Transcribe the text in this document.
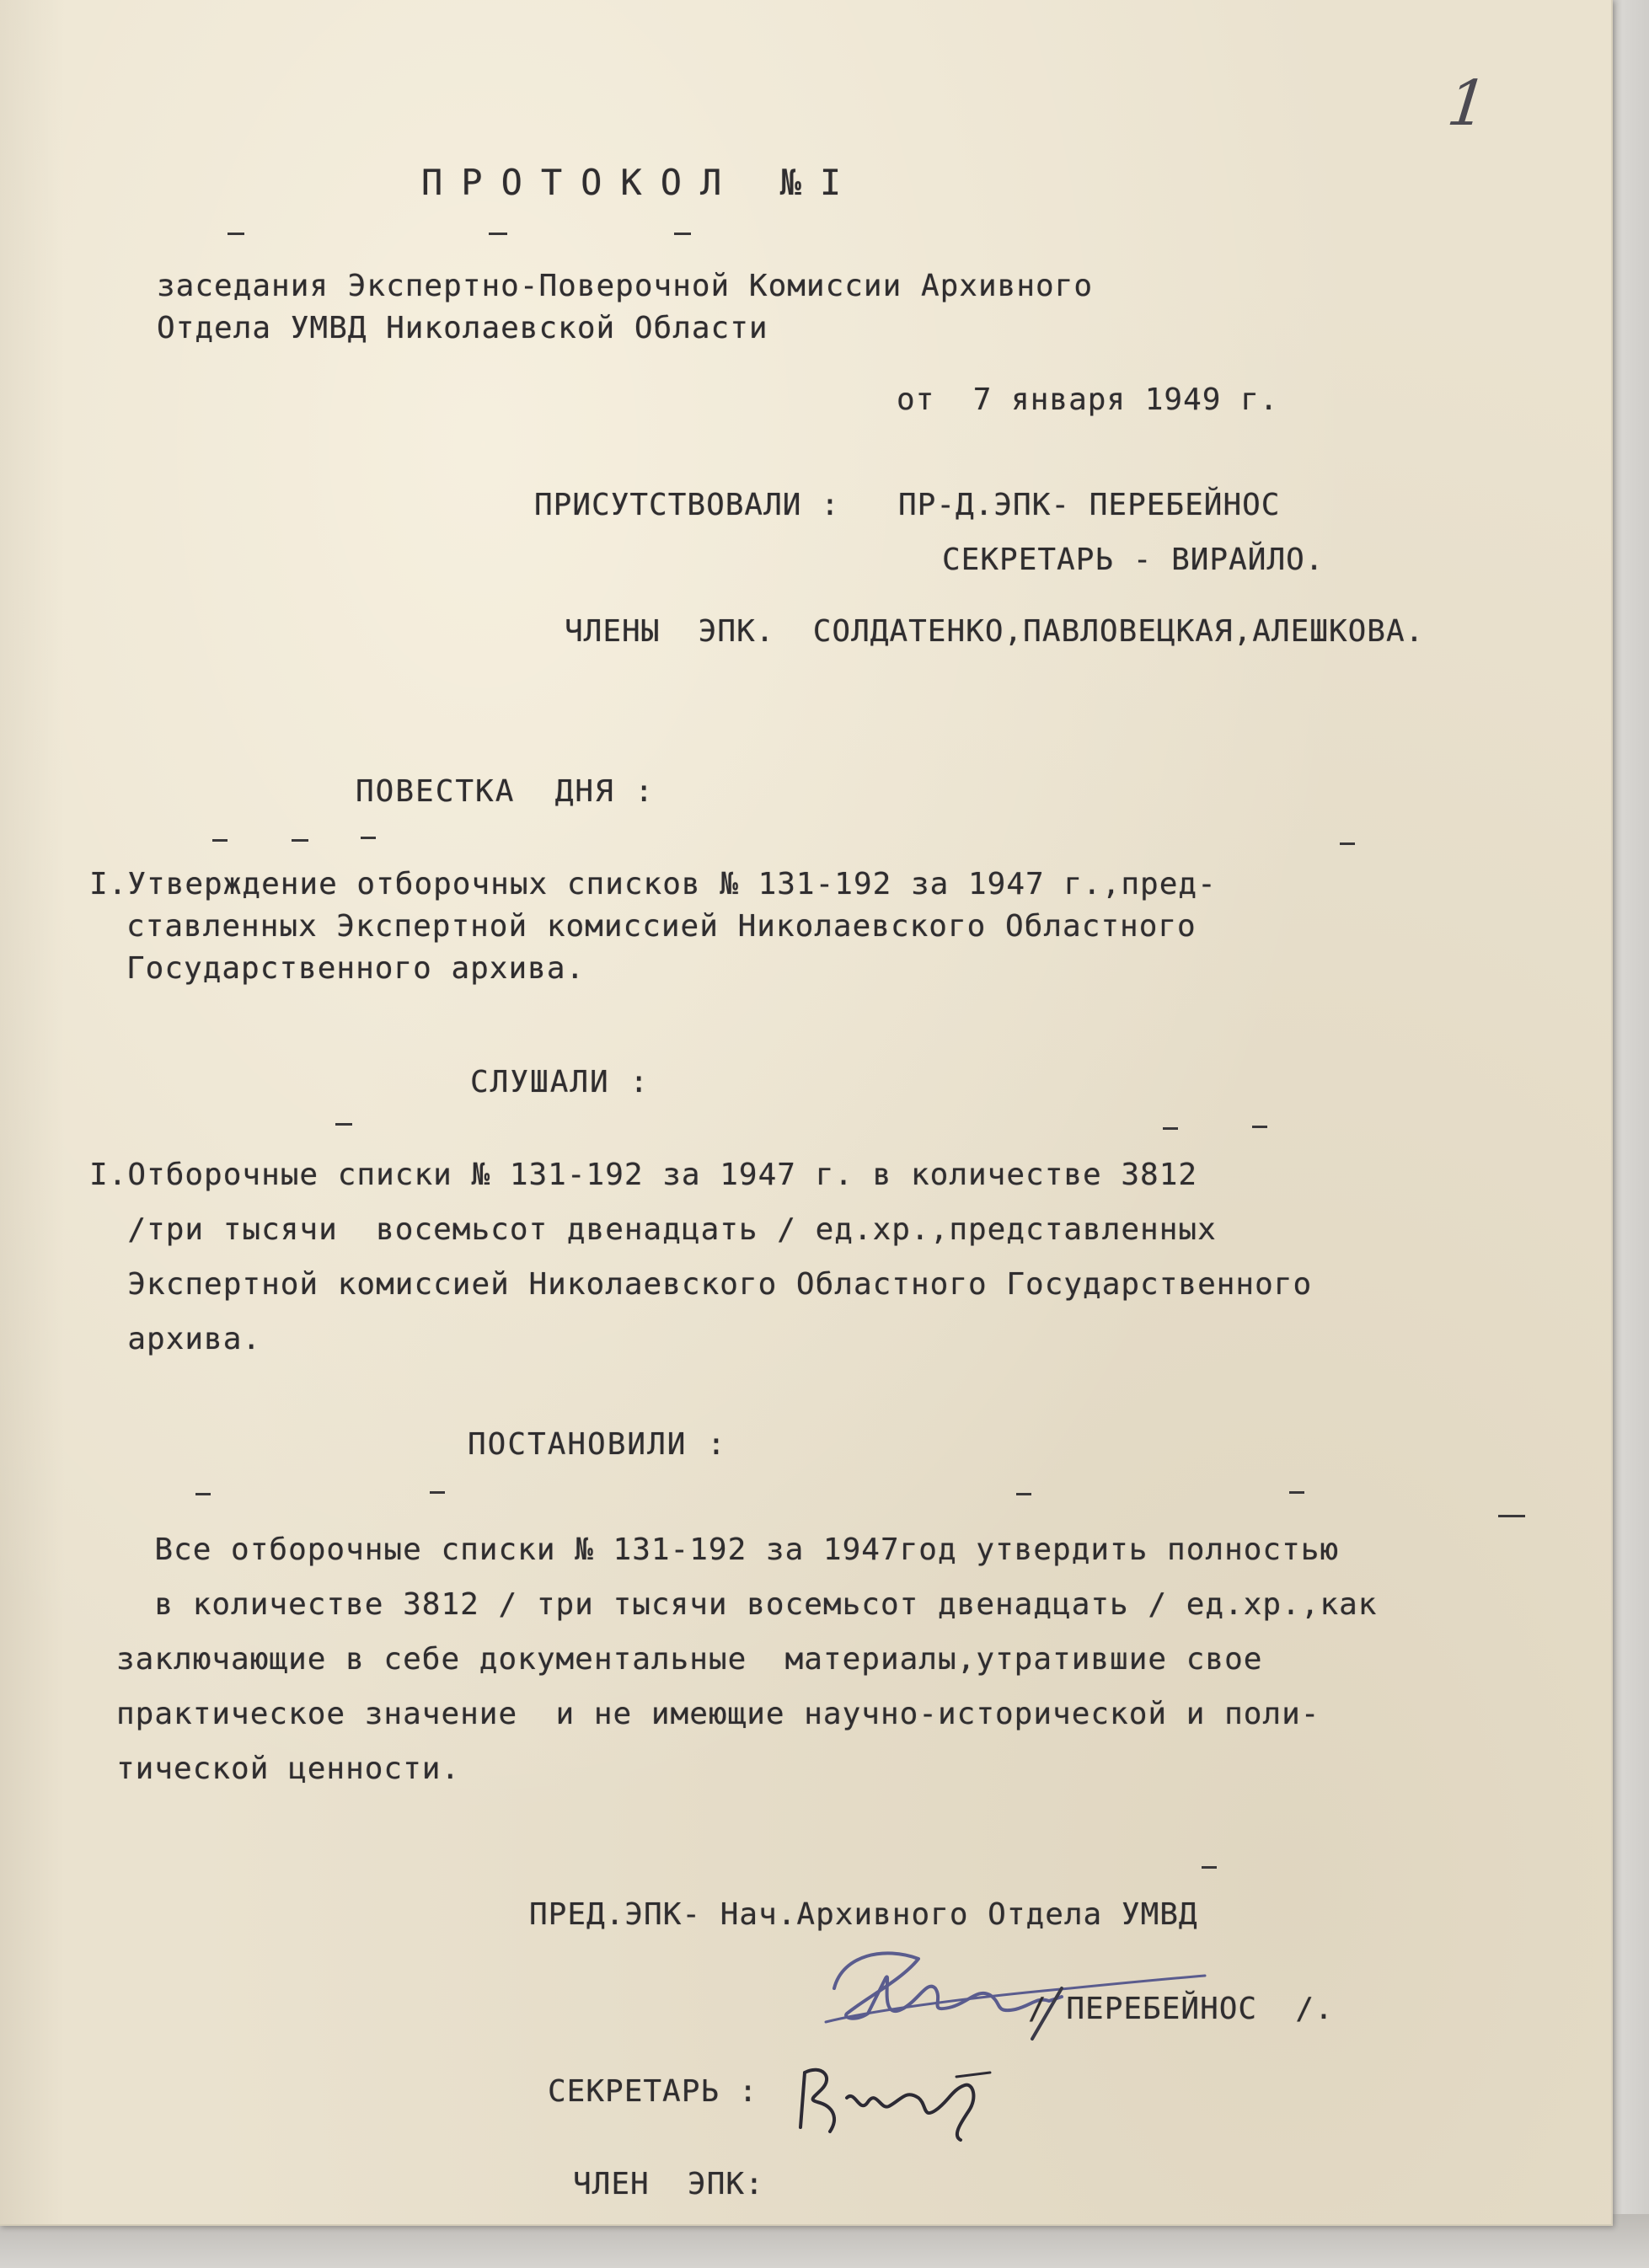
1
ПРОТОКОЛ №I
заседания Экспертно-Поверочной Комиссии Архивного
Отдела УМВД Николаевской Области
от  7 января 1949 г.
ПРИСУТСТВОВАЛИ : ПР-Д.ЭПК- ПЕРЕБЕЙНОС
СЕКРЕТАРЬ - ВИРАЙЛО.
ЧЛЕНЫ  ЭПК.  СОЛДАТЕНКО,ПАВЛОВЕЦКАЯ,АЛЕШКОВА.
ПОВЕСТКА  ДНЯ :
I.Утверждение отборочных списков № 131-192 за 1947 г.,пред-
ставленных Экспертной комиссией Николаевского Областного
Государственного архива.
СЛУШАЛИ :
I.Отборочные списки № 131-192 за 1947 г. в количестве 3812
/три тысячи  восемьсот двенадцать / ед.хр.,представленных
Экспертной комиссией Николаевского Областного Государственного
архива.
ПОСТАНОВИЛИ :
Все отборочные списки № 131-192 за 1947год утвердить полностью
в количестве 3812 / три тысячи восемьсот двенадцать / ед.хр.,как
заключающие в себе документальные  материалы,утратившие свое
практическое значение  и не имеющие научно-исторической и поли-
тической ценности.
ПРЕД.ЭПК- Нач.Архивного Отдела УМВД
/ ПЕРЕБЕЙНОС  /.
СЕКРЕТАРЬ :
ЧЛЕН  ЭПК:
